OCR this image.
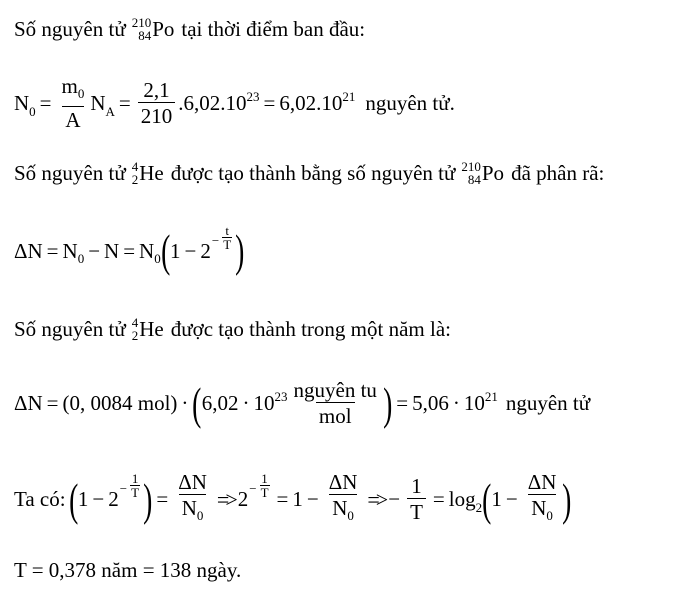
Số nguyên tử 210
84 Po tại thời điểm ban đầu:
$N_0 = \frac{m_0}{A} N_A = \frac{2,1}{210} .6,02.10^{23} = 6,02.10^{21}$ nguyên tử.
Số nguyên tử 4
2 He được tạo thành bằng số nguyên tử 210
84 Po đã phân rã:
$\Delta N = N_0 - N = N_0$ ( $1 - 2 - \frac{t}{T}$ )
Số nguyên tử 4
2 He được tạo thành trong một năm là:
ΔN = (0, 0084 mol) · ( $6,02 \cdot 10^{23} \frac{\text{nguyên tu}}{\text{mol}}$ ) = $5,06 \cdot 10^{21}$ nguyên tử
Ta có: ( $1 - 2 - \frac{1}{T}$ ) = $\frac{\Delta N}{N_0} => 2 - \frac{1}{T} = 1 - \frac{\Delta N}{N_0}$ => − $\frac{1}{T} = \log_2$ ( $1 - \frac{\Delta N}{N_0}$ )
T = 0,378 năm = 138 ngày.
